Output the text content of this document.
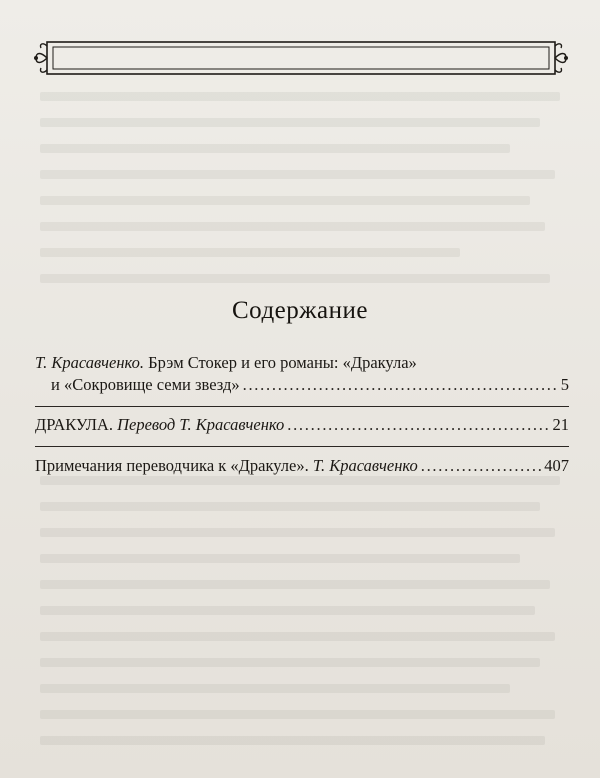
Содержание
Т. Красавченко. Брэм Стокер и его романы: «Дракула»
и «Сокровище семи звезд» . . .	5
ДРАКУЛА. Перевод Т. Красавченко . . .	21
Примечания переводчика к «Дракуле». Т. Красавченко . . .	407
